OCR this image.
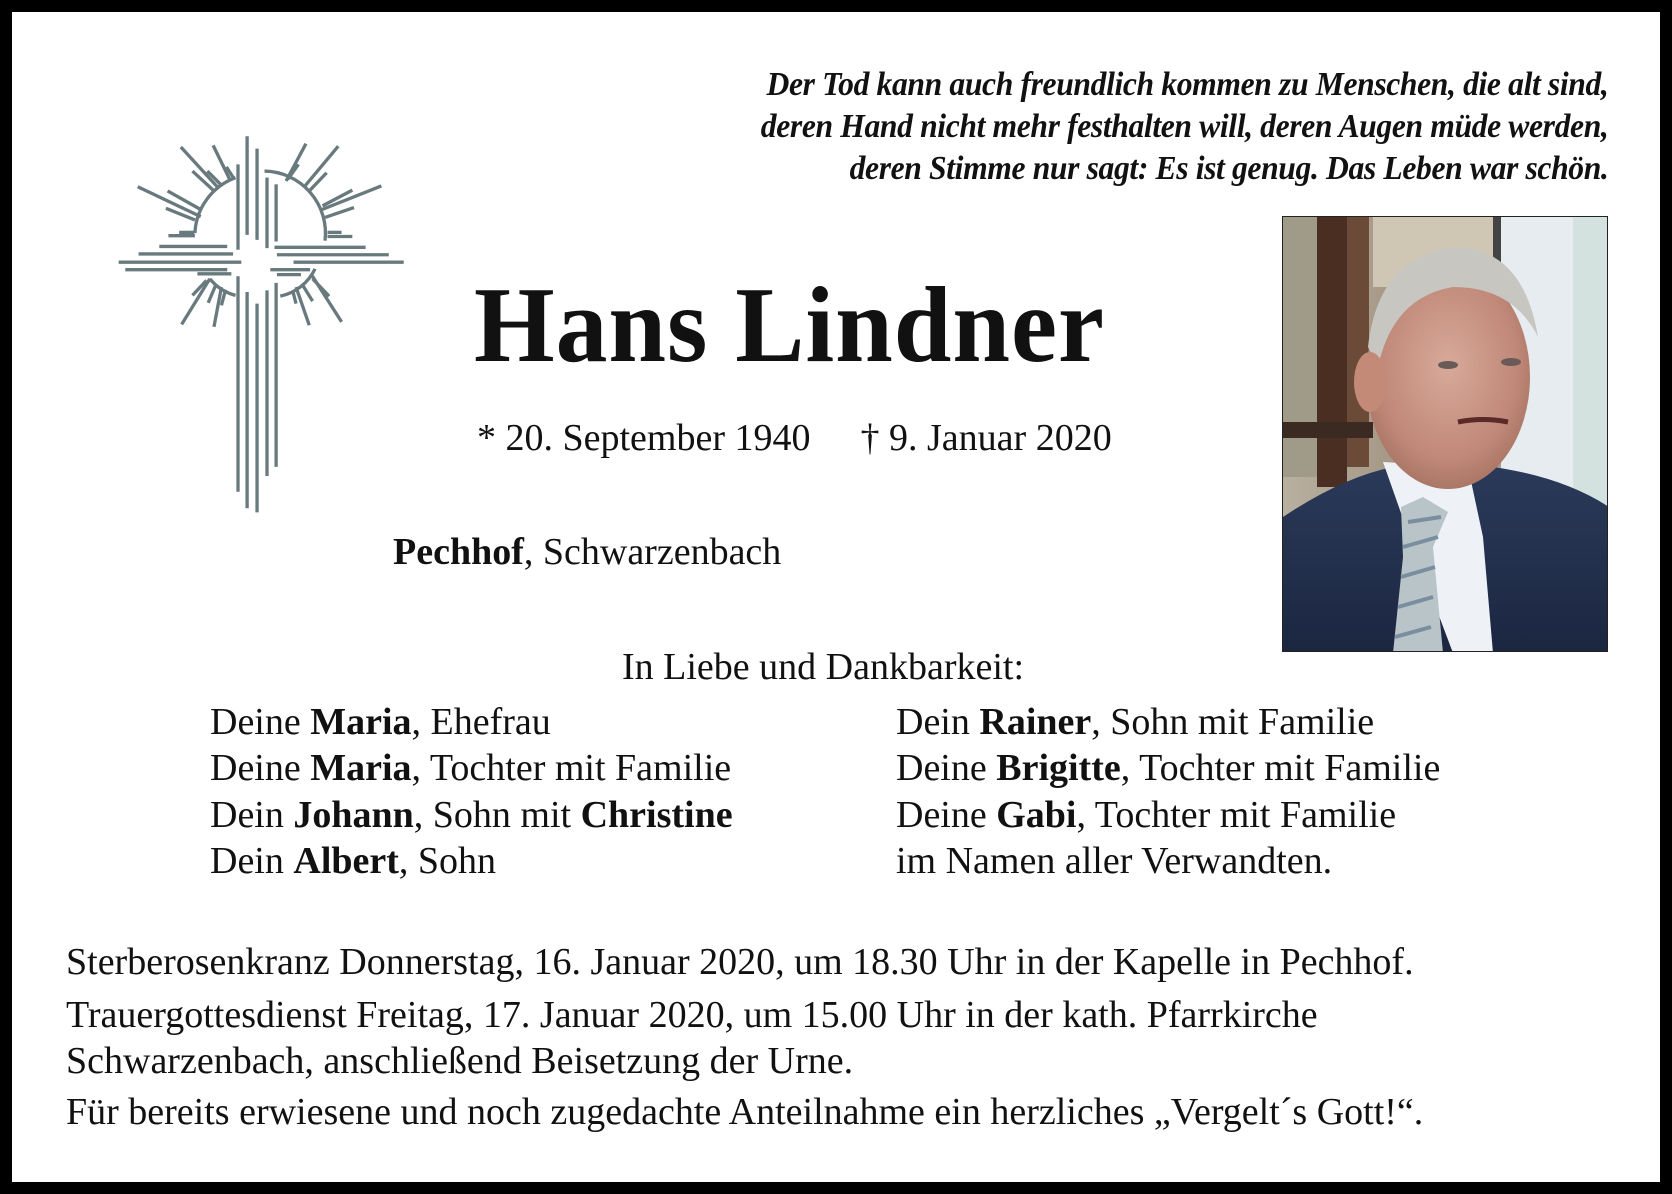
Der Tod kann auch freundlich kommen zu Menschen, die alt sind,
deren Hand nicht mehr festhalten will, deren Augen müde werden,
deren Stimme nur sagt: Es ist genug. Das Leben war schön.
Hans Lindner
* 20. September 1940 † 9. Januar 2020
Pechhof, Schwarzenbach
In Liebe und Dankbarkeit:
Deine Maria, Ehefrau
Deine Maria, Tochter mit Familie
Dein Johann, Sohn mit Christine
Dein Albert, Sohn
Dein Rainer, Sohn mit Familie
Deine Brigitte, Tochter mit Familie
Deine Gabi, Tochter mit Familie
im Namen aller Verwandten.
Sterberosenkranz Donnerstag, 16. Januar 2020, um 18.30 Uhr in der Kapelle in Pechhof.
Trauergottesdienst Freitag, 17. Januar 2020, um 15.00 Uhr in der kath. Pfarrkirche
Schwarzenbach, anschließend Beisetzung der Urne.
Für bereits erwiesene und noch zugedachte Anteilnahme ein herzliches „Vergelt´s Gott!“.
